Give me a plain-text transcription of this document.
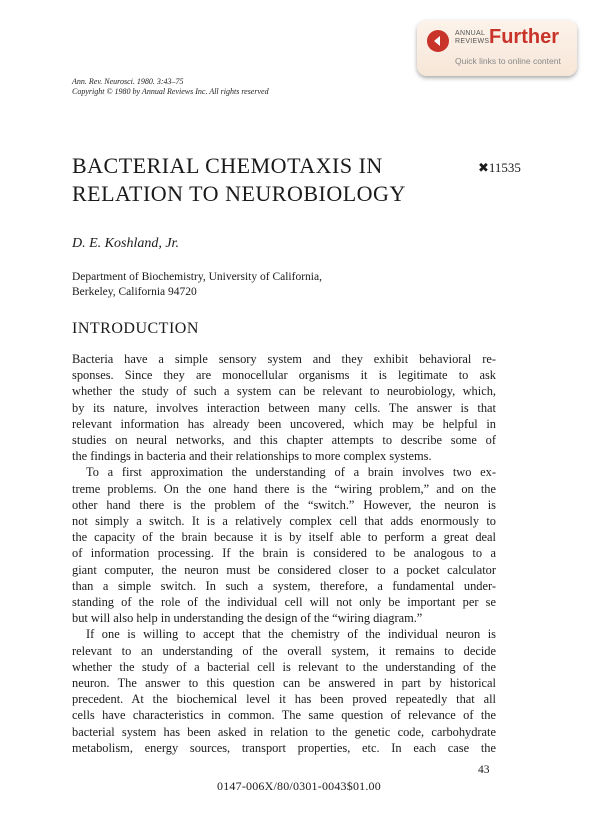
ANNUAL
REVIEWS Further
Quick links to online content
Ann. Rev. Neurosci. 1980. 3:43–75
Copyright © 1980 by Annual Reviews Inc. All rights reserved
BACTERIAL CHEMOTAXIS IN
RELATION TO NEUROBIOLOGY
✖11535
D. E. Koshland, Jr.
Department of Biochemistry, University of California,
Berkeley, California 94720
INTRODUCTION
Bacteria have a simple sensory system and they exhibit behavioral re-
sponses. Since they are monocellular organisms it is legitimate to ask
whether the study of such a system can be relevant to neurobiology, which,
by its nature, involves interaction between many cells. The answer is that
relevant information has already been uncovered, which may be helpful in
studies on neural networks, and this chapter attempts to describe some of
the findings in bacteria and their relationships to more complex systems.
To a first approximation the understanding of a brain involves two ex-
treme problems. On the one hand there is the “wiring problem,” and on the
other hand there is the problem of the “switch.” However, the neuron is
not simply a switch. It is a relatively complex cell that adds enormously to
the capacity of the brain because it is by itself able to perform a great deal
of information processing. If the brain is considered to be analogous to a
giant computer, the neuron must be considered closer to a pocket calculator
than a simple switch. In such a system, therefore, a fundamental under-
standing of the role of the individual cell will not only be important per se
but will also help in understanding the design of the “wiring diagram.”
If one is willing to accept that the chemistry of the individual neuron is
relevant to an understanding of the overall system, it remains to decide
whether the study of a bacterial cell is relevant to the understanding of the
neuron. The answer to this question can be answered in part by historical
precedent. At the biochemical level it has been proved repeatedly that all
cells have characteristics in common. The same question of relevance of the
bacterial system has been asked in relation to the genetic code, carbohydrate
metabolism, energy sources, transport properties, etc. In each case the
43
0147-006X/80/0301-0043$01.00
